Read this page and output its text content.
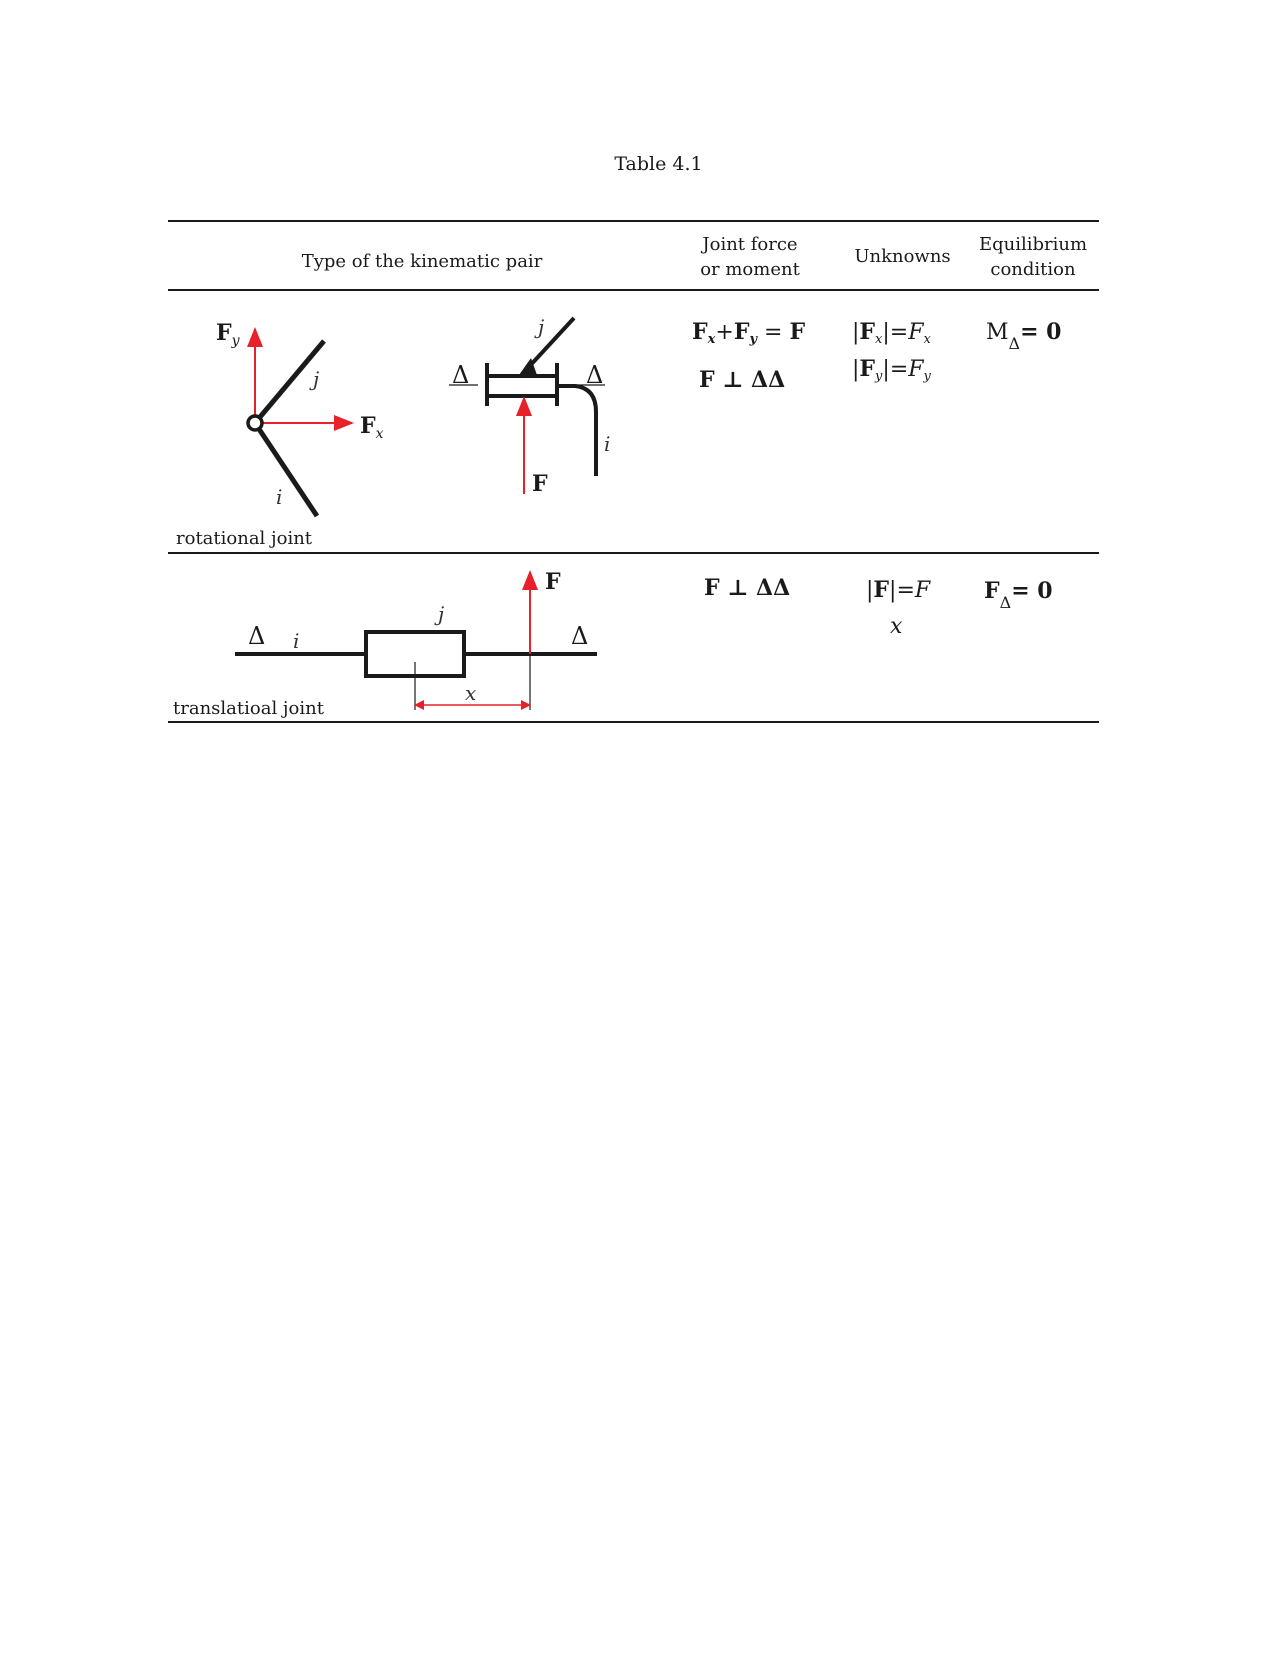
Table 4.1
Type of the kinematic pair
Joint force
or moment
Unknowns
Equilibrium
condition
$F_x+F_y = F$
F ⊥ ΔΔ
$|F_x|=F_x$
$|F_y|=F_y$
$M_\Delta= 0$
rotational joint
F ⊥ ΔΔ	|F|=F
x
$F_\Delta= 0$
translatioal joint
$F_y$
$F_x$
j
i
Δ	Δ
j
i
F
Δ i
j
F
Δ
x
